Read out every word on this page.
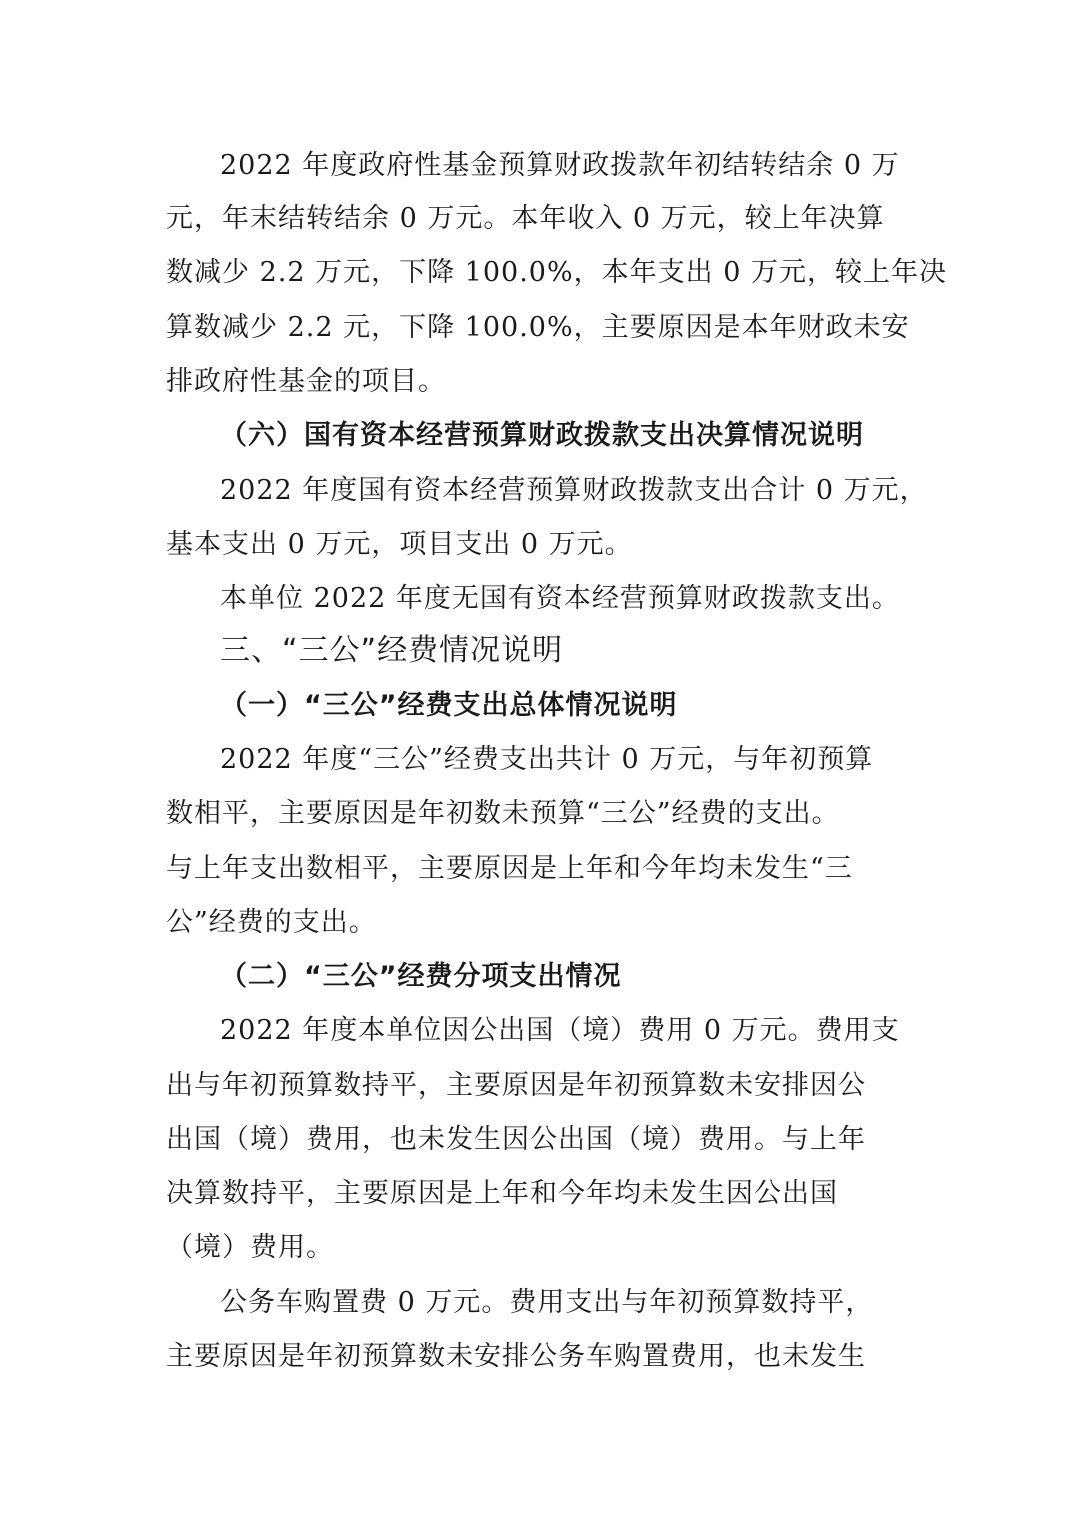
2022 年度政府性基金预算财政拨款年初结转结余 0 万
元，年末结转结余 0 万元。本年收入 0 万元，较上年决算
数减少 2.2 万元，下降 100.0%，本年支出 0 万元，较上年决
算数减少 2.2 元，下降 100.0%，主要原因是本年财政未安
排政府性基金的项目。
（六）国有资本经营预算财政拨款支出决算情况说明
2022 年度国有资本经营预算财政拨款支出合计 0 万元，
基本支出 0 万元，项目支出 0 万元。
本单位 2022 年度无国有资本经营预算财政拨款支出。
三、“三公”经费情况说明
（一）“三公”经费支出总体情况说明
2022 年度“三公”经费支出共计 0 万元，与年初预算
数相平，主要原因是年初数未预算“三公”经费的支出。
与上年支出数相平，主要原因是上年和今年均未发生“三
公”经费的支出。
（二）“三公”经费分项支出情况
2022 年度本单位因公出国（境）费用 0 万元。费用支
出与年初预算数持平，主要原因是年初预算数未安排因公
出国（境）费用，也未发生因公出国（境）费用。与上年
决算数持平，主要原因是上年和今年均未发生因公出国
（境）费用。
公务车购置费 0 万元。费用支出与年初预算数持平，
主要原因是年初预算数未安排公务车购置费用，也未发生
